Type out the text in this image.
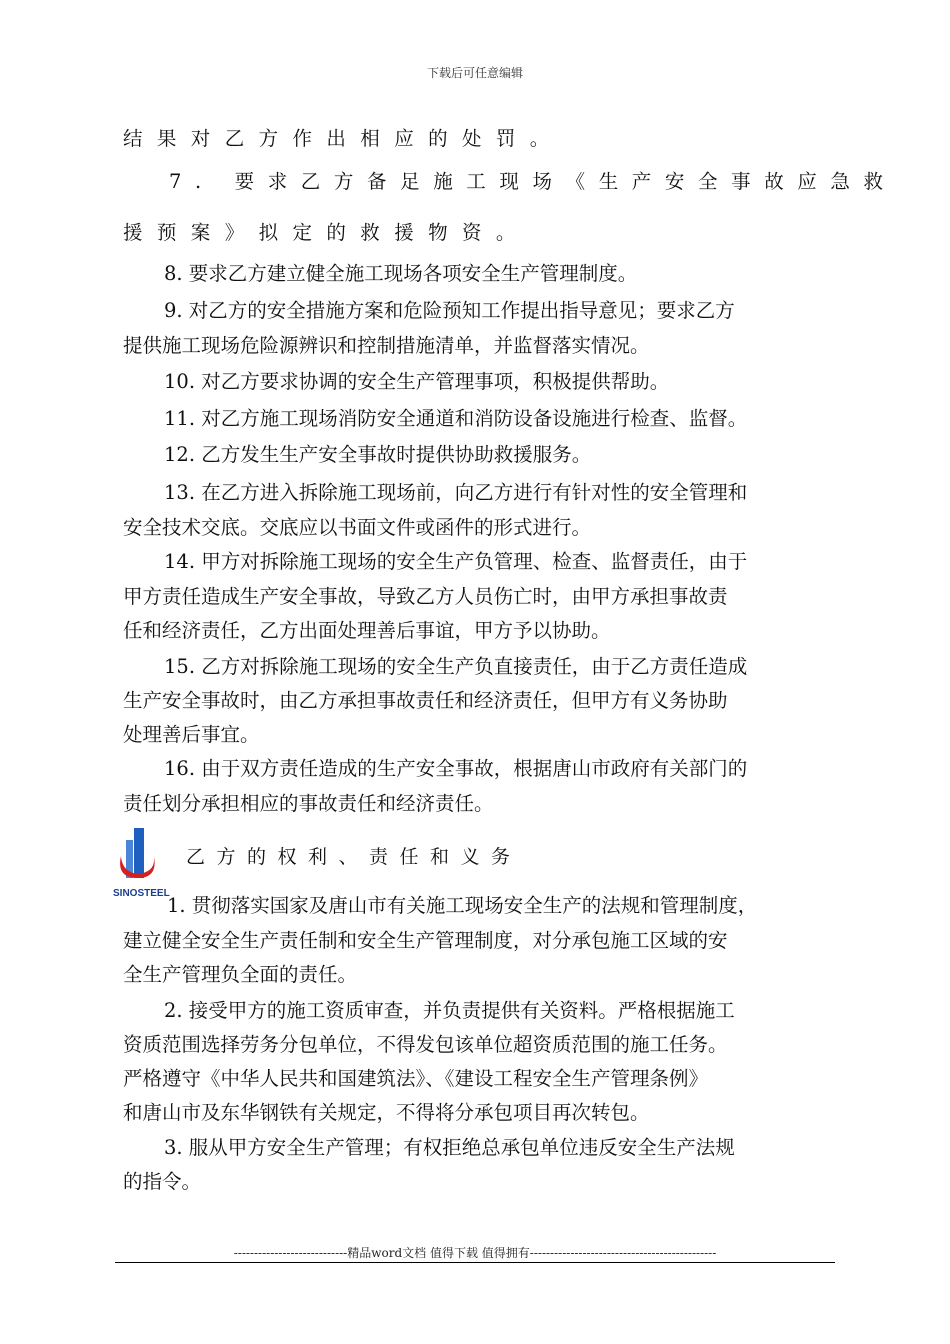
下载后可任意编辑
结果对乙方作出相应的处罚。
7. 要求乙方备足施工现场《生产安全事故应急救
援预案》拟定的救援物资。
8. 要求乙方建立健全施工现场各项安全生产管理制度。
9. 对乙方的安全措施方案和危险预知工作提出指导意见；要求乙方
提供施工现场危险源辨识和控制措施清单，并监督落实情况。
10. 对乙方要求协调的安全生产管理事项，积极提供帮助。
11. 对乙方施工现场消防安全通道和消防设备设施进行检查、监督。
12. 乙方发生生产安全事故时提供协助救援服务。
13. 在乙方进入拆除施工现场前，向乙方进行有针对性的安全管理和
安全技术交底。交底应以书面文件或函件的形式进行。
14. 甲方对拆除施工现场的安全生产负管理、检查、监督责任，由于
甲方责任造成生产安全事故，导致乙方人员伤亡时，由甲方承担事故责
任和经济责任，乙方出面处理善后事谊，甲方予以协助。
15. 乙方对拆除施工现场的安全生产负直接责任，由于乙方责任造成
生产安全事故时，由乙方承担事故责任和经济责任，但甲方有义务协助
处理善后事宜。
16. 由于双方责任造成的生产安全事故，根据唐山市政府有关部门的
责任划分承担相应的事故责任和经济责任。
SINOSTEEL
乙方的权利、责任和义务
1. 贯彻落实国家及唐山市有关施工现场安全生产的法规和管理制度，
建立健全安全生产责任制和安全生产管理制度，对分承包施工区域的安
全生产管理负全面的责任。
2. 接受甲方的施工资质审查，并负责提供有关资料。严格根据施工
资质范围选择劳务分包单位，不得发包该单位超资质范围的施工任务。
严格遵守《中华人民共和国建筑法》、《建设工程安全生产管理条例》
和唐山市及东华钢铁有关规定，不得将分承包项目再次转包。
3. 服从甲方安全生产管理；有权拒绝总承包单位违反安全生产法规
的指令。
----------------------------精品word文档 值得下载 值得拥有----------------------------------------------
